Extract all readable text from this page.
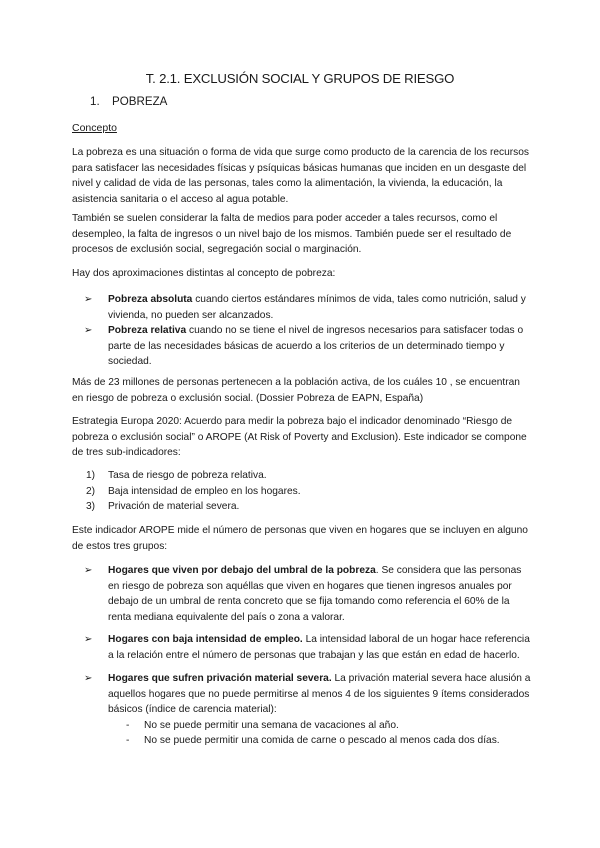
T. 2.1. EXCLUSIÓN SOCIAL Y GRUPOS DE RIESGO
1. POBREZA
Concepto
La pobreza es una situación o forma de vida que surge como producto de la carencia de los recursos para satisfacer las necesidades físicas y psíquicas básicas humanas que inciden en un desgaste del nivel y calidad de vida de las personas, tales como la alimentación, la vivienda, la educación, la asistencia sanitaria o el acceso al agua potable.
También se suelen considerar la falta de medios para poder acceder a tales recursos, como el desempleo, la falta de ingresos o un nivel bajo de los mismos. También puede ser el resultado de procesos de exclusión social, segregación social o marginación.
Hay dos aproximaciones distintas al concepto de pobreza:
➢ Pobreza absoluta cuando ciertos estándares mínimos de vida, tales como nutrición, salud y vivienda, no pueden ser alcanzados.
➢ Pobreza relativa cuando no se tiene el nivel de ingresos necesarios para satisfacer todas o parte de las necesidades básicas de acuerdo a los criterios de un determinado tiempo y sociedad.
Más de 23 millones de personas pertenecen a la población activa, de los cuáles 10 , se encuentran en riesgo de pobreza o exclusión social. (Dossier Pobreza de EAPN, España)
Estrategia Europa 2020: Acuerdo para medir la pobreza bajo el indicador denominado “Riesgo de pobreza o exclusión social” o AROPE (At Risk of Poverty and Exclusion). Este indicador se compone de tres sub-indicadores:
1) Tasa de riesgo de pobreza relativa.
2) Baja intensidad de empleo en los hogares.
3) Privación de material severa.
Este indicador AROPE mide el número de personas que viven en hogares que se incluyen en alguno de estos tres grupos:
➢ Hogares que viven por debajo del umbral de la pobreza. Se considera que las personas en riesgo de pobreza son aquéllas que viven en hogares que tienen ingresos anuales por debajo de un umbral de renta concreto que se fija tomando como referencia el 60% de la renta mediana equivalente del país o zona a valorar.
➢ Hogares con baja intensidad de empleo. La intensidad laboral de un hogar hace referencia a la relación entre el número de personas que trabajan y las que están en edad de hacerlo.
➢ Hogares que sufren privación material severa. La privación material severa hace alusión a aquellos hogares que no puede permitirse al menos 4 de los siguientes 9 ítems considerados básicos (índice de carencia material):
- No se puede permitir una semana de vacaciones al año.
- No se puede permitir una comida de carne o pescado al menos cada dos días.
